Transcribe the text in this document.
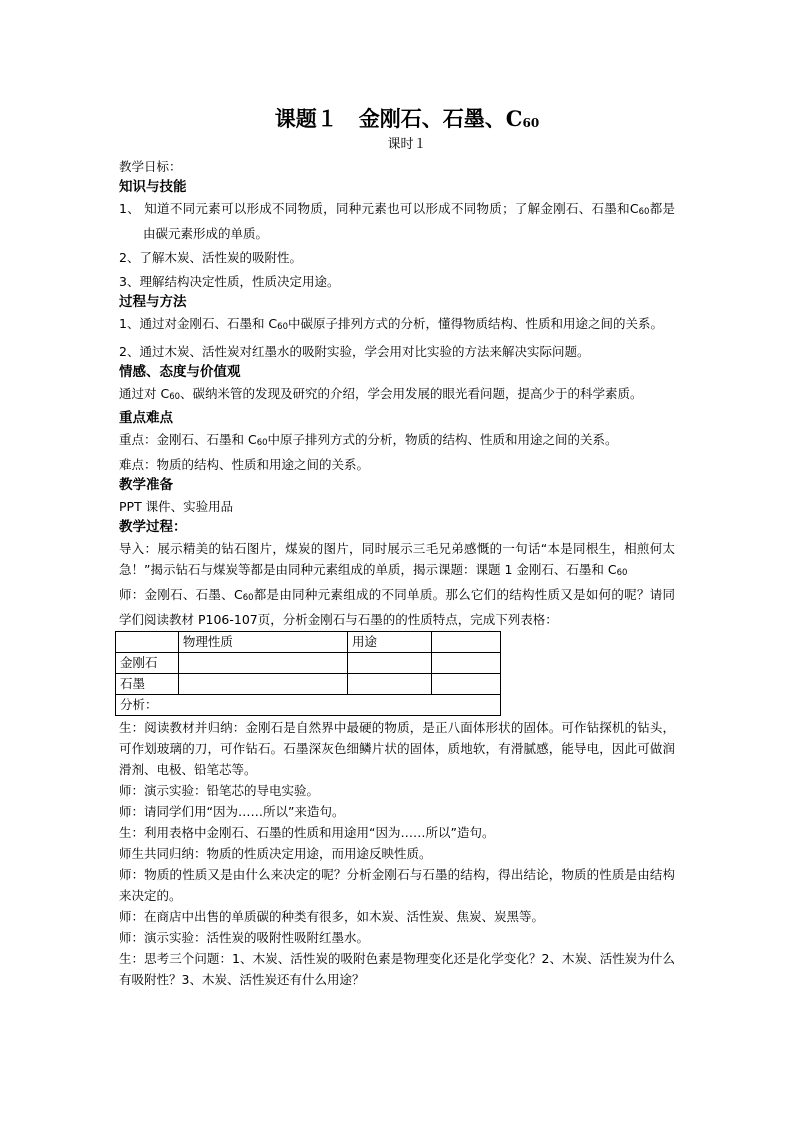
课题１　金刚石、石墨、$C_{60}$
课时１

教学日标：

知识与技能

1、 知道不同元素可以形成不同物质，同种元素也可以形成不同物质；了解金刚石、石墨和$C_{60}$都是由碳元素形成的单质。

2、了解木炭、活性炭的吸附性。

3、理解结构决定性质，性质决定用途。

过程与方法

1、通过对金刚石、石墨和 $C_{60}$中碳原子排列方式的分析，懂得物质结构、性质和用途之间的关系。

2、通过木炭、活性炭对红墨水的吸附实验，学会用对比实验的方法来解决实际问题。

情感、态度与价值观

通过对 $C_{60}$、碳纳米管的发现及研究的介绍，学会用发展的眼光看问题，提高少于的科学素质。

重点难点

重点：金刚石、石墨和 $C_{60}$中原子排列方式的分析，物质的结构、性质和用途之间的关系。

难点：物质的结构、性质和用途之间的关系。

教学准备

PPT 课件、实验用品

教学过程：

导入：展示精美的钻石图片，煤炭的图片，同时展示三毛兄弟感慨的一句话“本是同根生，相煎何太急！”揭示钻石与煤炭等都是由同种元素组成的单质，揭示课题：课题 1 金刚石、石墨和 $C_{60}$

师：金刚石、石墨、$C_{60}$都是由同种元素组成的不同单质。那么它们的结构性质又是如何的呢？请同学们阅读教材 P106-107页，分析金刚石与石墨的的性质特点，完成下列表格：

	物理性质	用途	
金刚石			
石墨			
分析：			

生：阅读教材并归纳：金刚石是自然界中最硬的物质，是正八面体形状的固体。可作钻探机的钻头，可作划玻璃的刀，可作钻石。石墨深灰色细鳞片状的固体，质地软，有滑腻感，能导电，因此可做润滑剂、电极、铅笔芯等。

师：演示实验：铅笔芯的导电实验。

师：请同学们用“因为……所以”来造句。

生：利用表格中金刚石、石墨的性质和用途用“因为……所以”造句。

师生共同归纳：物质的性质决定用途，而用途反映性质。

师：物质的性质又是由什么来决定的呢？分析金刚石与石墨的结构，得出结论，物质的性质是由结构来决定的。

师：在商店中出售的单质碳的种类有很多，如木炭、活性炭、焦炭、炭黑等。

师：演示实验：活性炭的吸附性吸附红墨水。

生：思考三个问题：1、木炭、活性炭的吸附色素是物理变化还是化学变化？2、木炭、活性炭为什么有吸附性？3、木炭、活性炭还有什么用途？
